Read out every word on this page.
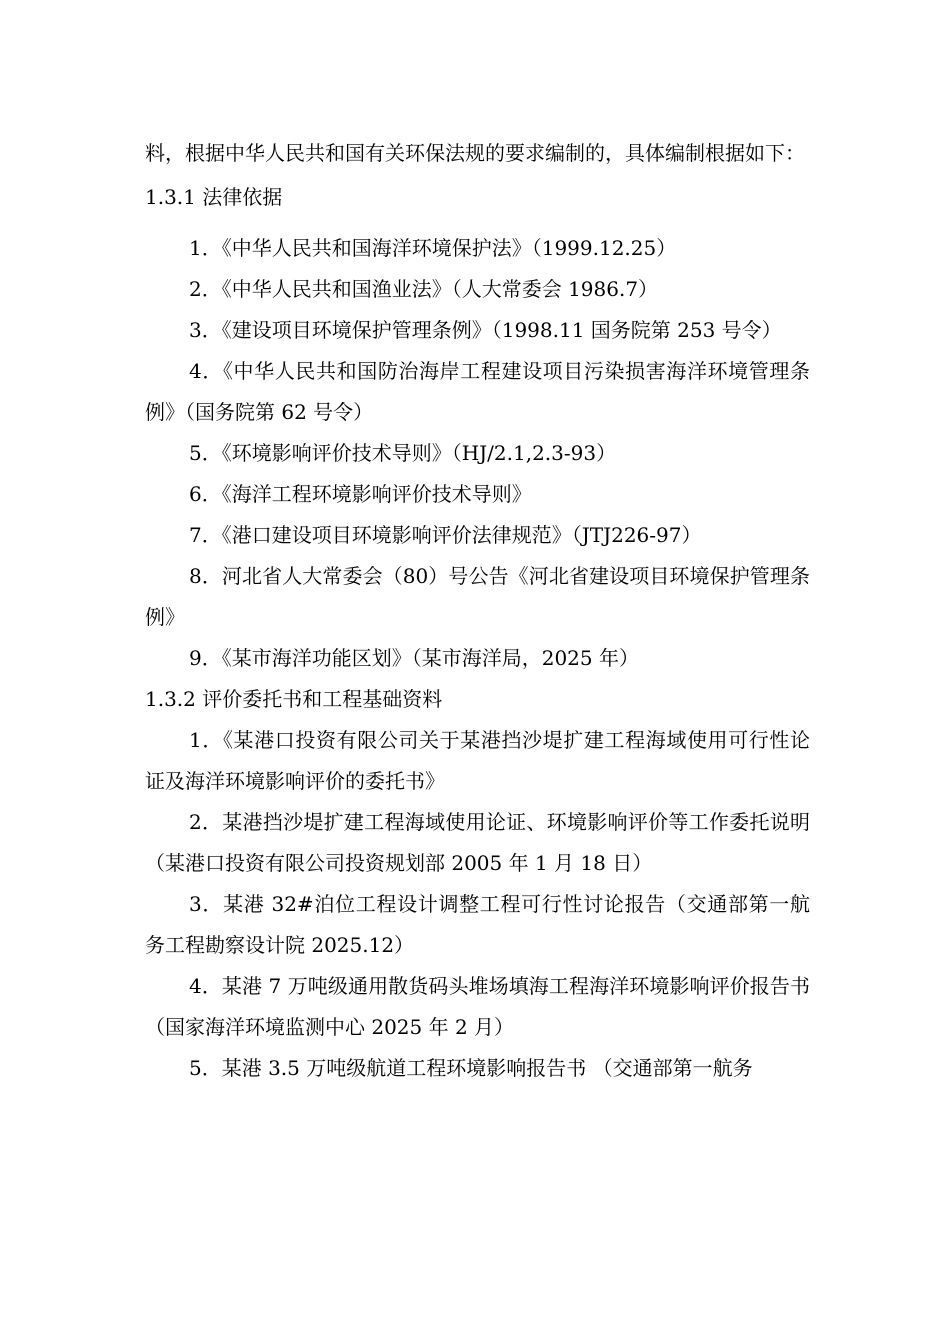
料，根据中华人民共和国有关环保法规的要求编制的，具体编制根据如下：

1.3.1 法律依据

1．《中华人民共和国海洋环境保护法》（1999.12.25）

2．《中华人民共和国渔业法》（人大常委会 1986.7）

3．《建设项目环境保护管理条例》（1998.11 国务院第 253 号令）

4．《中华人民共和国防治海岸工程建设项目污染损害海洋环境管理条例》（国务院第 62 号令）

5．《环境影响评价技术导则》（HJ/2.1,2.3-93）

6．《海洋工程环境影响评价技术导则》

7．《港口建设项目环境影响评价法律规范》（JTJ226-97）

8．河北省人大常委会（80）号公告《河北省建设项目环境保护管理条例》

9．《某市海洋功能区划》（某市海洋局，2025 年）

1.3.2 评价委托书和工程基础资料

1．《某港口投资有限公司关于某港挡沙堤扩建工程海域使用可行性论证及海洋环境影响评价的委托书》

2．某港挡沙堤扩建工程海域使用论证、环境影响评价等工作委托说明 （某港口投资有限公司投资规划部 2005 年 1 月 18 日）

3．某港 32#泊位工程设计调整工程可行性讨论报告（交通部第一航务工程勘察设计院 2025.12）

4．某港 7 万吨级通用散货码头堆场填海工程海洋环境影响评价报告书 （国家海洋环境监测中心 2025 年 2 月）

5．某港 3.5 万吨级航道工程环境影响报告书 （交通部第一航务
